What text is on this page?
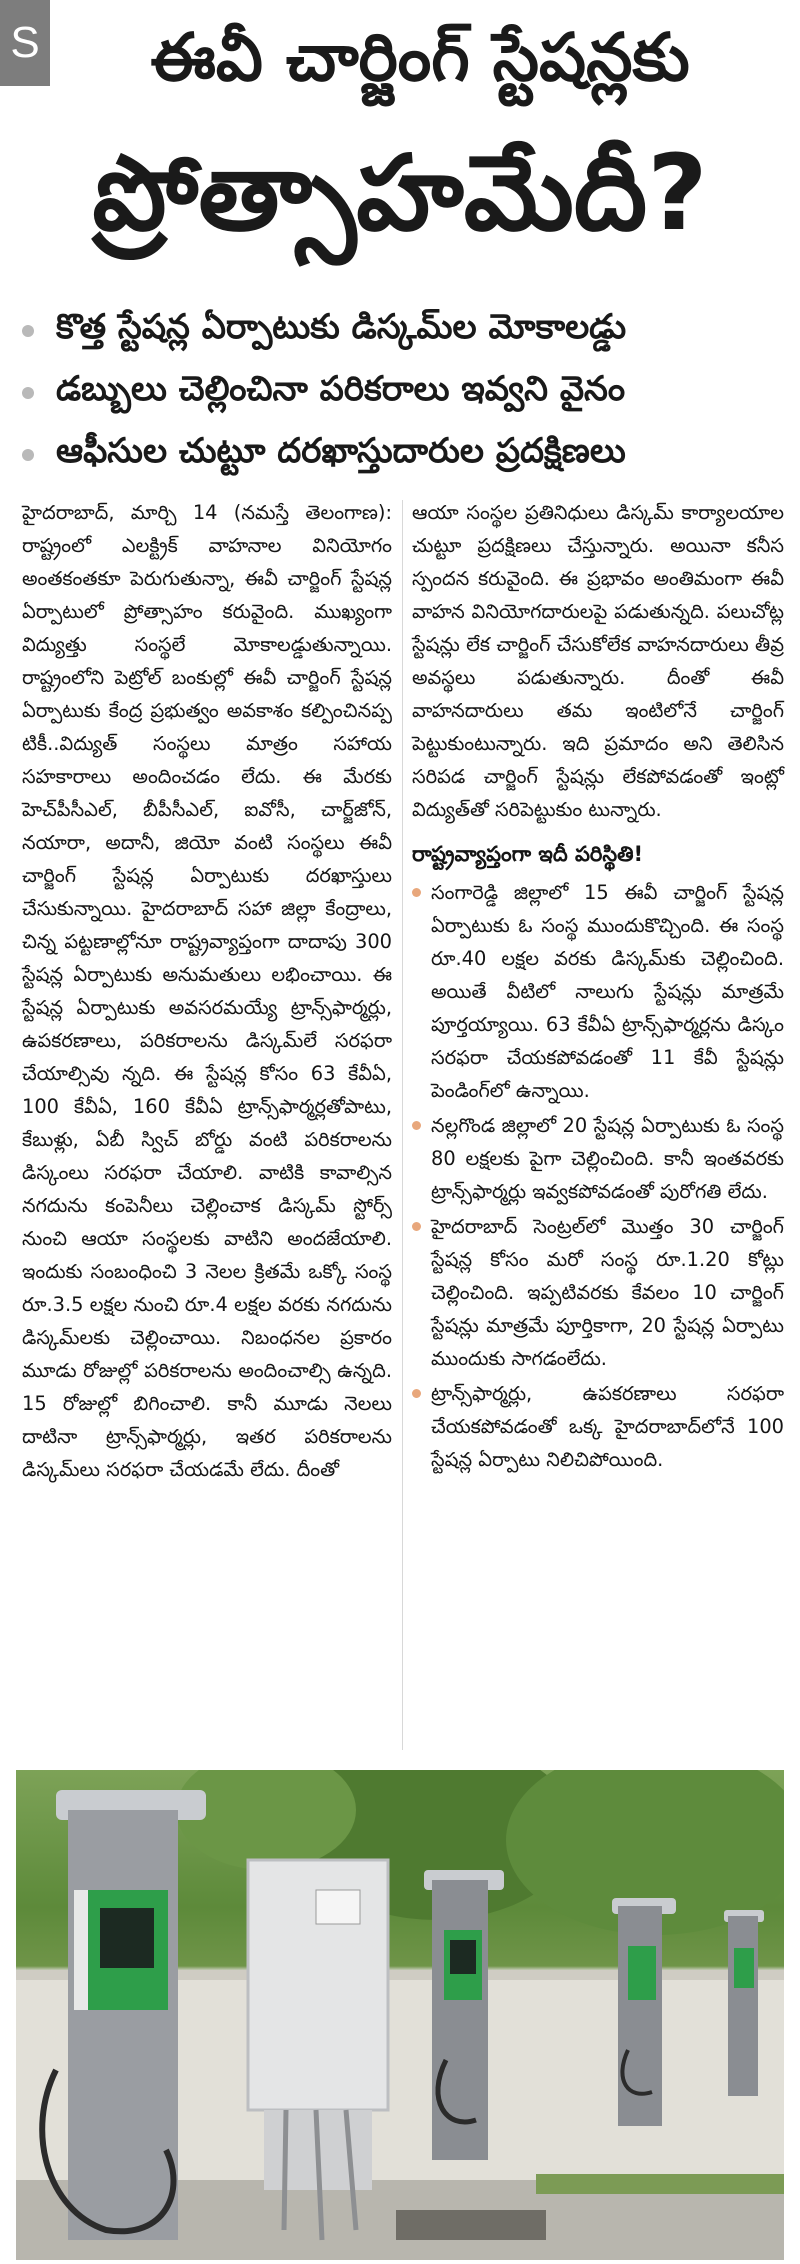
S	ఈవీ చార్జింగ్ స్టేషన్లకు
ప్రోత్సాహమేదీ?
కొత్త స్టేషన్ల ఏర్పాటుకు డిస్కమ్‌ల మోకాలడ్డు
డబ్బులు చెల్లించినా పరికరాలు ఇవ్వని వైనం
ఆఫీసుల చుట్టూ దరఖాస్తుదారుల ప్రదక్షిణలు

హైదరాబాద్, మార్చి 14 (నమస్తే తెలంగాణ): రాష్ట్రంలో ఎలక్ట్రిక్ వాహనాల వినియోగం అంతకంతకూ పెరుగుతున్నా, ఈవీ చార్జింగ్ స్టేషన్ల ఏర్పాటులో ప్రోత్సాహం కరువైంది. ముఖ్యంగా విద్యుత్తు సంస్థలే మోకాలడ్డుతున్నాయి. రాష్ట్రంలోని పెట్రోల్ బంకుల్లో ఈవీ చార్జింగ్ స్టేషన్ల ఏర్పాటుకు కేంద్ర ప్రభుత్వం అవకాశం కల్పించినప్ప టికీ..విద్యుత్ సంస్థలు మాత్రం సహాయ సహకారాలు అందించడం లేదు. ఈ మేరకు హెచ్‌పీసీఎల్, బీపీసీఎల్, ఐవోసీ, చార్జ్‌జోన్, నయారా, అదానీ, జియో వంటి సంస్థలు ఈవీ చార్జింగ్ స్టేషన్ల ఏర్పాటుకు దరఖాస్తులు చేసుకున్నాయి. హైదరాబాద్ సహా జిల్లా కేంద్రాలు, చిన్న పట్టణాల్లోనూ రాష్ట్రవ్యాప్తంగా దాదాపు 300 స్టేషన్ల ఏర్పాటుకు అనుమతులు లభించాయి. ఈ స్టేషన్ల ఏర్పాటుకు అవసరమయ్యే ట్రాన్స్‌ఫార్మర్లు, ఉపకరణాలు, పరికరాలను డిస్కమ్‌లే సరఫరా చేయాల్సివు న్నది. ఈ స్టేషన్ల కోసం 63 కేవీఏ, 100 కేవీఏ, 160 కేవీఏ ట్రాన్స్‌ఫార్మర్లతోపాటు, కేబుళ్లు, ఏబీ స్విచ్ బోర్డు వంటి పరికరాలను డిస్కంలు సరఫరా చేయాలి. వాటికి కావాల్సిన నగదును కంపెనీలు చెల్లించాక డిస్కమ్ స్టోర్స్ నుంచి ఆయా సంస్థలకు వాటిని అందజేయాలి. ఇందుకు సంబంధించి 3 నెలల క్రితమే ఒక్కో సంస్థ రూ.3.5 లక్షల నుంచి రూ.4 లక్షల వరకు నగదును డిస్కమ్‌లకు చెల్లించాయి. నిబంధనల ప్రకారం మూడు రోజుల్లో పరికరాలను అందించాల్సి ఉన్నది. 15 రోజుల్లో బిగించాలి. కానీ మూడు నెలలు దాటినా ట్రాన్స్‌ఫార్మర్లు, ఇతర పరికరాలను డిస్కమ్‌లు సరఫరా చేయడమే లేదు. దీంతో

ఆయా సంస్థల ప్రతినిధులు డిస్కమ్ కార్యాలయాల చుట్టూ ప్రదక్షిణలు చేస్తున్నారు. అయినా కనీస స్పందన కరువైంది. ఈ ప్రభావం అంతిమంగా ఈవీ వాహన వినియోగదారులపై పడుతున్నది. పలుచోట్ల స్టేషన్లు లేక చార్జింగ్ చేసుకోలేక వాహనదారులు తీవ్ర అవస్థలు పడుతున్నారు. దీంతో ఈవీ వాహనదారులు తమ ఇంటిలోనే చార్జింగ్ పెట్టుకుంటున్నారు. ఇది ప్రమాదం అని తెలిసిన సరిపడ చార్జింగ్ స్టేషన్లు లేకపోవడంతో ఇంట్లో విద్యుత్‌తో సరిపెట్టుకుం టున్నారు.

రాష్ట్రవ్యాప్తంగా ఇదీ పరిస్థితి!
సంగారెడ్డి జిల్లాలో 15 ఈవీ చార్జింగ్ స్టేషన్ల ఏర్పాటుకు ఓ సంస్థ ముందుకొచ్చింది. ఈ సంస్థ రూ.40 లక్షల వరకు డిస్కమ్‌కు చెల్లించింది. అయితే వీటిలో నాలుగు స్టేషన్లు మాత్రమే పూర్తయ్యాయి. 63 కేవీఏ ట్రాన్స్‌ఫార్మర్లను డిస్కం సరఫరా చేయకపోవడంతో 11 కేవీ స్టేషన్లు పెండింగ్‌లో ఉన్నాయి.
నల్లగొండ జిల్లాలో 20 స్టేషన్ల ఏర్పాటుకు ఓ సంస్థ 80 లక్షలకు పైగా చెల్లించింది. కానీ ఇంతవరకు ట్రాన్స్‌ఫార్మర్లు ఇవ్వకపోవడంతో పురోగతి లేదు.
హైదరాబాద్ సెంట్రల్‌లో మొత్తం 30 చార్జింగ్ స్టేషన్ల కోసం మరో సంస్థ రూ.1.20 కోట్లు చెల్లించింది. ఇప్పటివరకు కేవలం 10 చార్జింగ్ స్టేషన్లు మాత్రమే పూర్తికాగా, 20 స్టేషన్ల ఏర్పాటు ముందుకు సాగడంలేదు.
ట్రాన్స్‌ఫార్మర్లు, ఉపకరణాలు సరఫరా చేయకపోవడంతో ఒక్క హైదరాబాద్‌లోనే 100 స్టేషన్ల ఏర్పాటు నిలిచిపోయింది.
